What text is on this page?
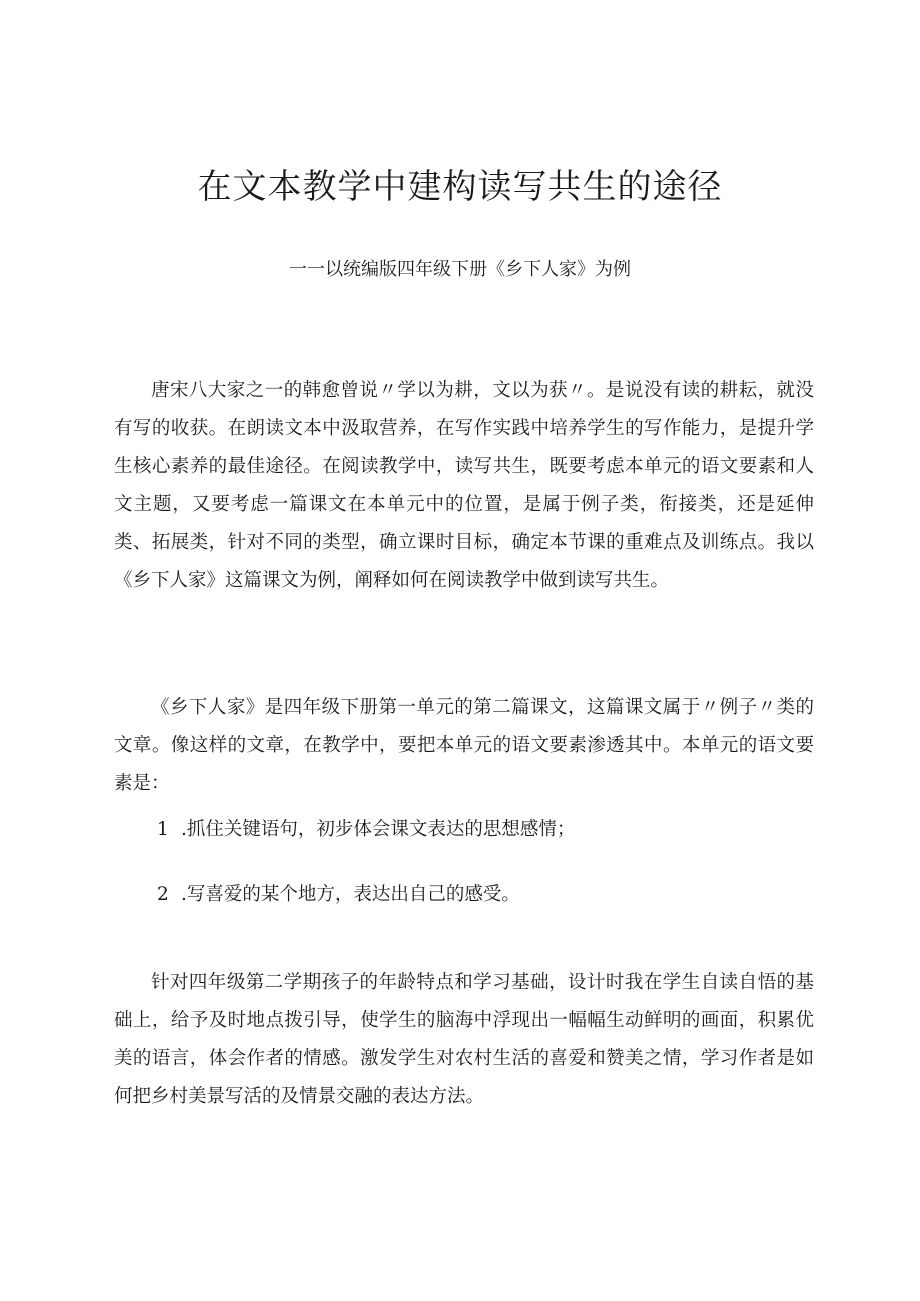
在文本教学中建构读写共生的途径

一一以统编版四年级下册《乡下人家》为例

唐宋八大家之一的韩愈曾说〃学以为耕，文以为获〃。是说没有读的耕耘，就没有写的收获。在朗读文本中汲取营养，在写作实践中培养学生的写作能力，是提升学生核心素养的最佳途径。在阅读教学中，读写共生，既要考虑本单元的语文要素和人文主题，又要考虑一篇课文在本单元中的位置，是属于例子类，衔接类，还是延伸类、拓展类，针对不同的类型，确立课时目标，确定本节课的重难点及训练点。我以《乡下人家》这篇课文为例，阐释如何在阅读教学中做到读写共生。

《乡下人家》是四年级下册第一单元的第二篇课文，这篇课文属于〃例子〃类的文章。像这样的文章，在教学中，要把本单元的语文要素渗透其中。本单元的语文要素是：

1 .抓住关键语句，初步体会课文表达的思想感情；

2 .写喜爱的某个地方，表达出自己的感受。

针对四年级第二学期孩子的年龄特点和学习基础，设计时我在学生自读自悟的基础上，给予及时地点拨引导，使学生的脑海中浮现出一幅幅生动鲜明的画面，积累优美的语言，体会作者的情感。激发学生对农村生活的喜爱和赞美之情，学习作者是如何把乡村美景写活的及情景交融的表达方法。
